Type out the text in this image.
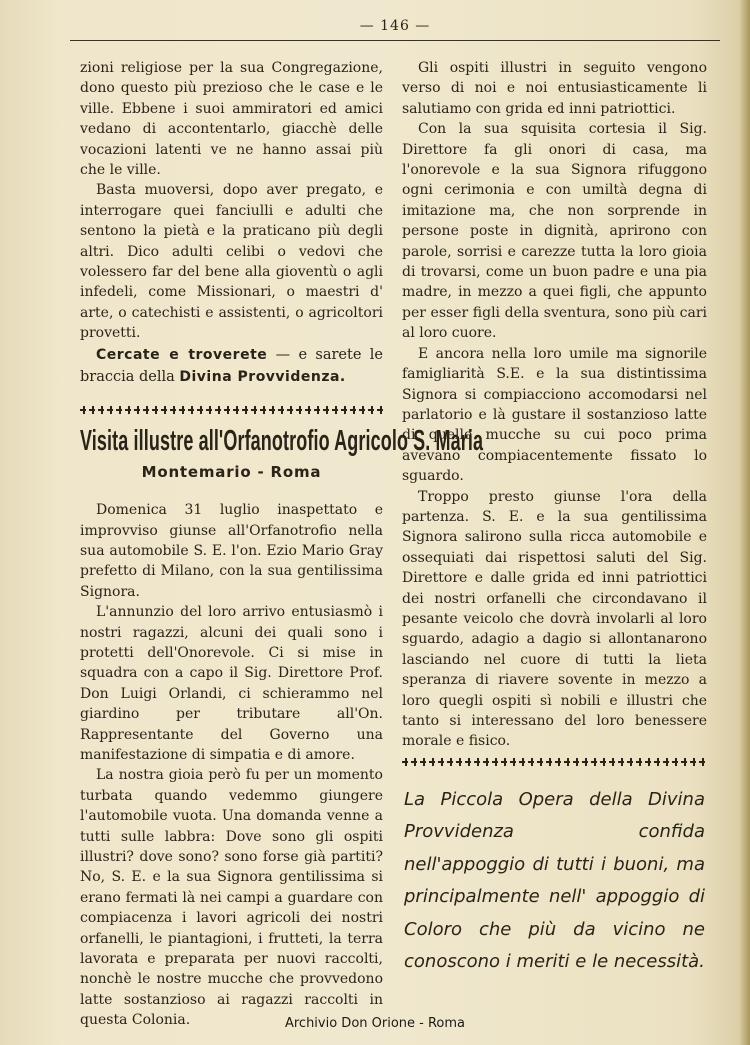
— 146 —

zioni religiose per la sua Congregazione, dono questo più prezioso che le case e le ville. Ebbene i suoi ammiratori ed amici vedano di accontentarlo, giacchè delle vocazioni latenti ve ne hanno assai più che le ville.

Basta muoversi, dopo aver pregato, e interrogare quei fanciulli e adulti che sentono la pietà e la praticano più degli altri. Dico adulti celibi o vedovi che volessero far del bene alla gioventù o agli infedeli, come Missionari, o maestri d' arte, o catechisti e assistenti, o agricoltori provetti.

Cercate e troverete — e sarete le braccia della Divina Provvidenza.

Visita illustre all'Orfanotrofio Agricolo S. Maria
Montemario - Roma

Domenica 31 luglio inaspettato e improvviso giunse all'Orfanotrofio nella sua automobile S. E. l'on. Ezio Mario Gray prefetto di Milano, con la sua gentilissima Signora.

L'annunzio del loro arrivo entusiasmò i nostri ragazzi, alcuni dei quali sono i protetti dell'Onorevole. Ci si mise in squadra con a capo il Sig. Direttore Prof. Don Luigi Orlandi, ci schierammo nel giardino per tributare all'On. Rappresentante del Governo una manifestazione di simpatia e di amore.

La nostra gioia però fu per un momento turbata quando vedemmo giungere l'automobile vuota. Una domanda venne a tutti sulle labbra: Dove sono gli ospiti illustri? dove sono? sono forse già partiti? No, S. E. e la sua Signora gentilissima si erano fermati là nei campi a guardare con compiacenza i lavori agricoli dei nostri orfanelli, le piantagioni, i frutteti, la terra lavorata e preparata per nuovi raccolti, nonchè le nostre mucche che provvedono latte sostanzioso ai ragazzi raccolti in questa Colonia.

Gli ospiti illustri in seguito vengono verso di noi e noi entusiasticamente li salutiamo con grida ed inni patriottici.

Con la sua squisita cortesia il Sig. Direttore fa gli onori di casa, ma l'onorevole e la sua Signora rifuggono ogni cerimonia e con umiltà degna di imitazione ma, che non sorprende in persone poste in dignità, aprirono con parole, sorrisi e carezze tutta la loro gioia di trovarsi, come un buon padre e una pia madre, in mezzo a quei figli, che appunto per esser figli della sventura, sono più cari al loro cuore.

E ancora nella loro umile ma signorile famigliarità S.E. e la sua distintissima Signora si compiacciono accomodarsi nel parlatorio e là gustare il sostanzioso latte di quelle mucche su cui poco prima avevano compiacentemente fissato lo sguardo.

Troppo presto giunse l'ora della partenza. S. E. e la sua gentilissima Signora salirono sulla ricca automobile e ossequiati dai rispettosi saluti del Sig. Direttore e dalle grida ed inni patriottici dei nostri orfanelli che circondavano il pesante veicolo che dovrà involarli al loro sguardo, adagio a dagio si allontanarono lasciando nel cuore di tutti la lieta speranza di riavere sovente in mezzo a loro quegli ospiti sì nobili e illustri che tanto si interessano del loro benessere morale e fisico.

La Piccola Opera della Divina Provvidenza confida nell'appoggio di tutti i buoni, ma principalmente nell' appoggio di Coloro che più da vicino ne conoscono i meriti e le necessità.
Archivio Don Orione - Roma
